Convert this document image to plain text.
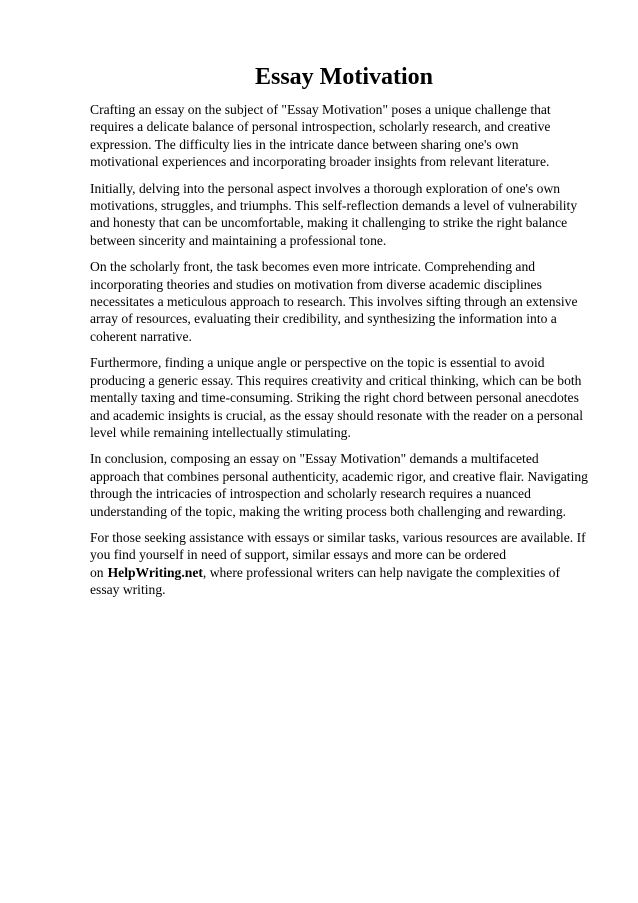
Essay Motivation

Crafting an essay on the subject of "Essay Motivation" poses a unique challenge that requires a delicate balance of personal introspection, scholarly research, and creative expression. The difficulty lies in the intricate dance between sharing one's own motivational experiences and incorporating broader insights from relevant literature.

Initially, delving into the personal aspect involves a thorough exploration of one's own motivations, struggles, and triumphs. This self-reflection demands a level of vulnerability and honesty that can be uncomfortable, making it challenging to strike the right balance between sincerity and maintaining a professional tone.

On the scholarly front, the task becomes even more intricate. Comprehending and incorporating theories and studies on motivation from diverse academic disciplines necessitates a meticulous approach to research. This involves sifting through an extensive array of resources, evaluating their credibility, and synthesizing the information into a coherent narrative.

Furthermore, finding a unique angle or perspective on the topic is essential to avoid producing a generic essay. This requires creativity and critical thinking, which can be both mentally taxing and time-consuming. Striking the right chord between personal anecdotes and academic insights is crucial, as the essay should resonate with the reader on a personal level while remaining intellectually stimulating.

In conclusion, composing an essay on "Essay Motivation" demands a multifaceted approach that combines personal authenticity, academic rigor, and creative flair. Navigating through the intricacies of introspection and scholarly research requires a nuanced understanding of the topic, making the writing process both challenging and rewarding.

For those seeking assistance with essays or similar tasks, various resources are available. If you find yourself in need of support, similar essays and more can be ordered on HelpWriting.net, where professional writers can help navigate the complexities of essay writing.
